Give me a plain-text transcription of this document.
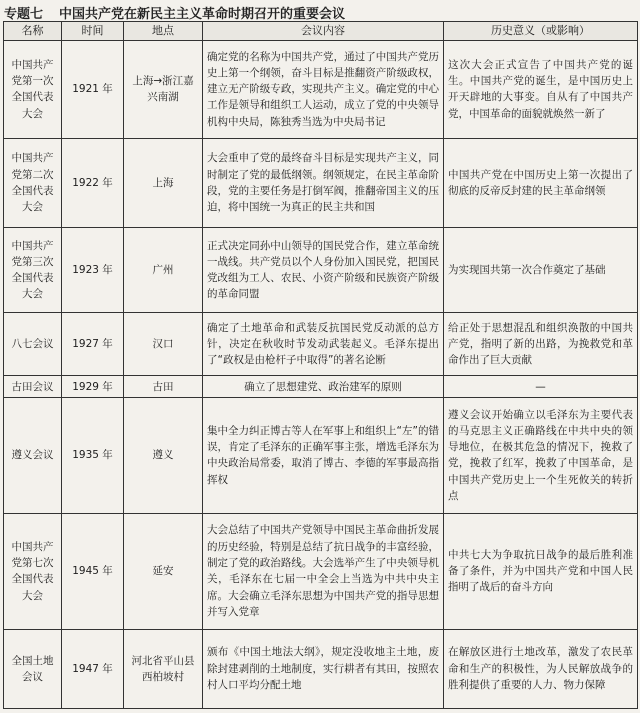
专题七 中国共产党在新民主主义革命时期召开的重要会议
名称	时间	地点	会议内容	历史意义（或影响）
中国共产党第一次全国代表大会	1921 年	上海→浙江嘉兴南湖	确定党的名称为中国共产党，通过了中国共产党历史上第一个纲领，奋斗目标是推翻资产阶级政权，建立无产阶级专政，实现共产主义。确定党的中心工作是领导和组织工人运动，成立了党的中央领导机构中央局，陈独秀当选为中央局书记	这次大会正式宣告了中国共产党的诞生。中国共产党的诞生，是中国历史上开天辟地的大事变。自从有了中国共产党，中国革命的面貌就焕然一新了
中国共产党第二次全国代表大会	1922 年	上海	大会重申了党的最终奋斗目标是实现共产主义，同时制定了党的最低纲领。纲领规定，在民主革命阶段，党的主要任务是打倒军阀，推翻帝国主义的压迫，将中国统一为真正的民主共和国	中国共产党在中国历史上第一次提出了彻底的反帝反封建的民主革命纲领
中国共产党第三次全国代表大会	1923 年	广州	正式决定同孙中山领导的国民党合作，建立革命统一战线。共产党员以个人身份加入国民党，把国民党改组为工人、农民、小资产阶级和民族资产阶级的革命同盟	为实现国共第一次合作奠定了基础
八七会议	1927 年	汉口	确定了土地革命和武装反抗国民党反动派的总方针，决定在秋收时节发动武装起义。毛泽东提出了“政权是由枪杆子中取得”的著名论断	给正处于思想混乱和组织涣散的中国共产党，指明了新的出路，为挽救党和革命作出了巨大贡献
古田会议	1929 年	古田	确立了思想建党、政治建军的原则	—
遵义会议	1935 年	遵义	集中全力纠正博古等人在军事上和组织上“左”的错误，肯定了毛泽东的正确军事主张，增选毛泽东为中央政治局常委，取消了博古、李德的军事最高指挥权	遵义会议开始确立以毛泽东为主要代表的马克思主义正确路线在中共中央的领导地位，在极其危急的情况下，挽救了党，挽救了红军，挽救了中国革命，是中国共产党历史上一个生死攸关的转折点
中国共产党第七次全国代表大会	1945 年	延安	大会总结了中国共产党领导中国民主革命曲折发展的历史经验，特别是总结了抗日战争的丰富经验，制定了党的政治路线。大会选举产生了中央领导机关，毛泽东在七届一中全会上当选为中共中央主席。大会确立毛泽东思想为中国共产党的指导思想并写入党章	中共七大为争取抗日战争的最后胜利准备了条件，并为中国共产党和中国人民指明了战后的奋斗方向
全国土地会议	1947 年	河北省平山县西柏坡村	颁布《中国土地法大纲》，规定没收地主土地，废除封建剥削的土地制度，实行耕者有其田，按照农村人口平均分配土地	在解放区进行土地改革，激发了农民革命和生产的积极性，为人民解放战争的胜利提供了重要的人力、物力保障
